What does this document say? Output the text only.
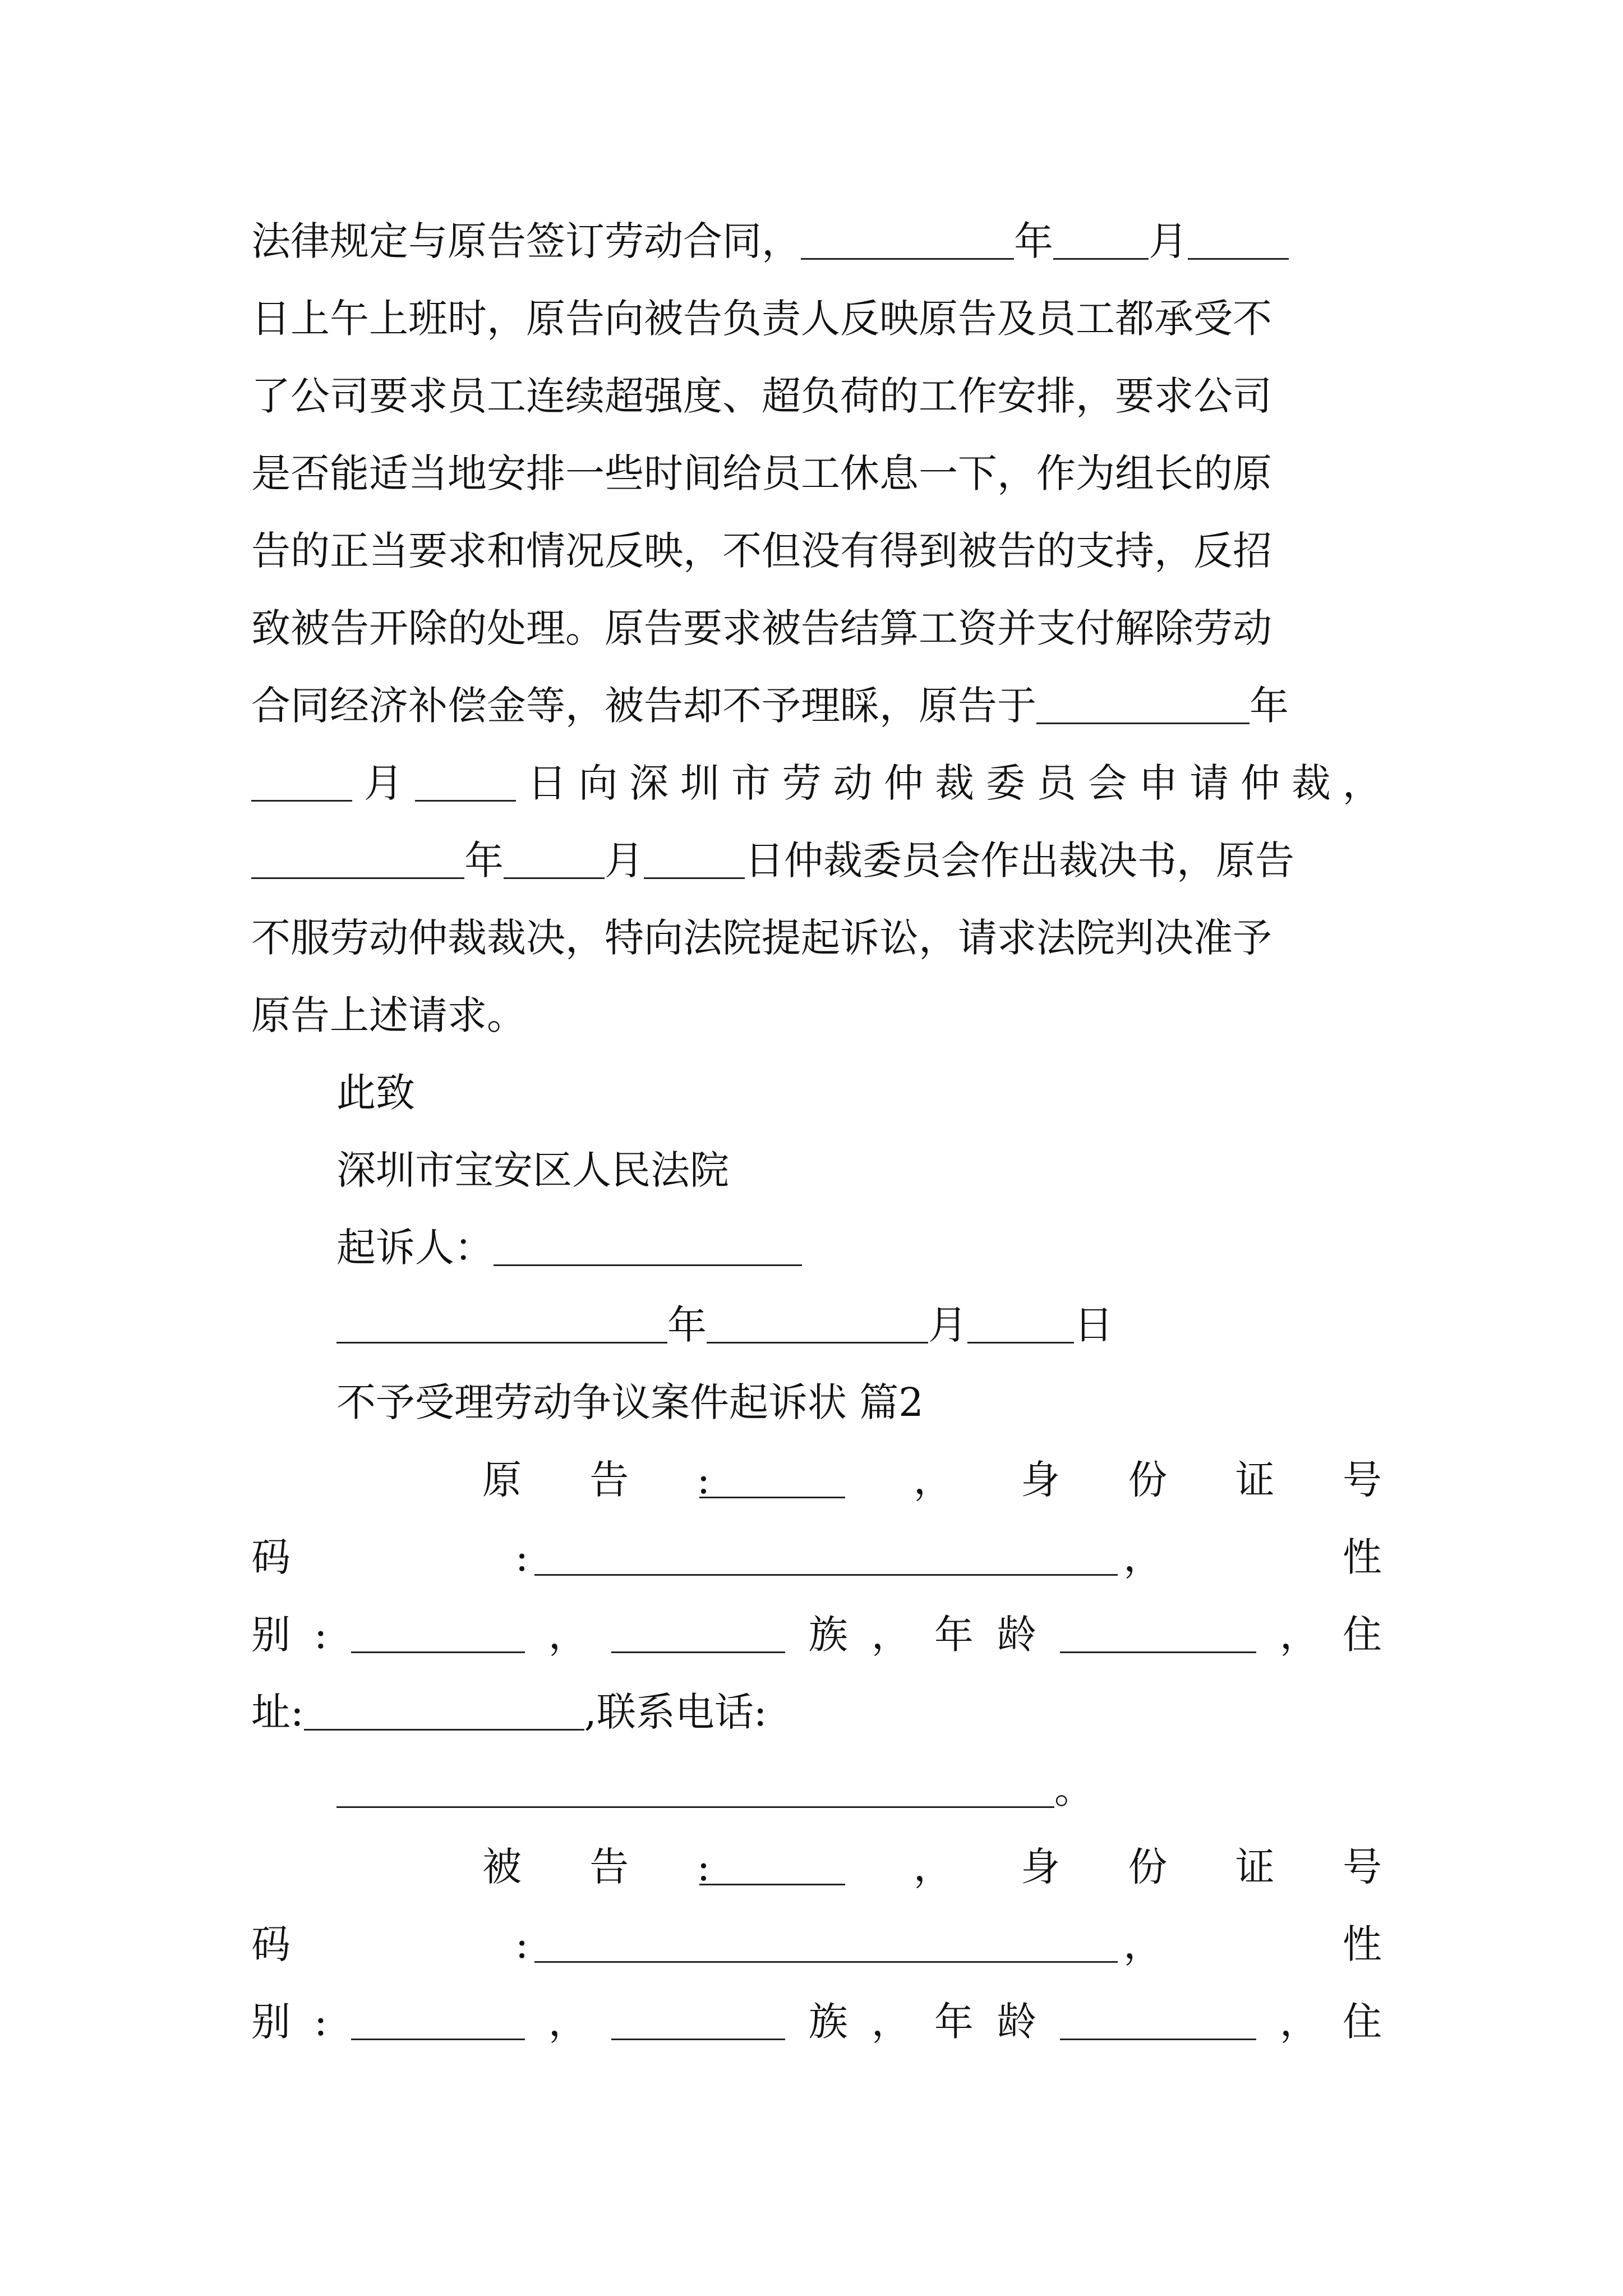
法律规定与原告签订劳动合同，	年 月
日上午上班时，原告向被告负责人反映原告及员工都承受不
了公司要求员工连续超强度、超负荷的工作安排，要求公司
是否能适当地安排一些时间给员工休息一下，作为组长的原
告的正当要求和情况反映，不但没有得到被告的支持，反招
致被告开除的处理。原告要求被告结算工资并支付解除劳动
合同经济补偿金等，被告却不予理睬，原告于	年
月	日 向 深 圳 市 劳 动 仲 裁 委 员 会 申 请 仲 裁 ，
年	月	日仲裁委员会作出裁决书，原告
不服劳动仲裁裁决，特向法院提起诉讼，请求法院判决准予
原告上述请求。
此致
深圳市宝安区人民法院
起诉人：
年	月	日
不予受理劳动争议案件起诉状 篇2
原 告 :	， 身 份 证 号
码	:	，	性
别 :	，	族 ， 年 龄	， 住
址:	,联系电话:
。
被 告 :	， 身 份 证 号
码	:	，	性
别 :	，	族 ， 年 龄	， 住
